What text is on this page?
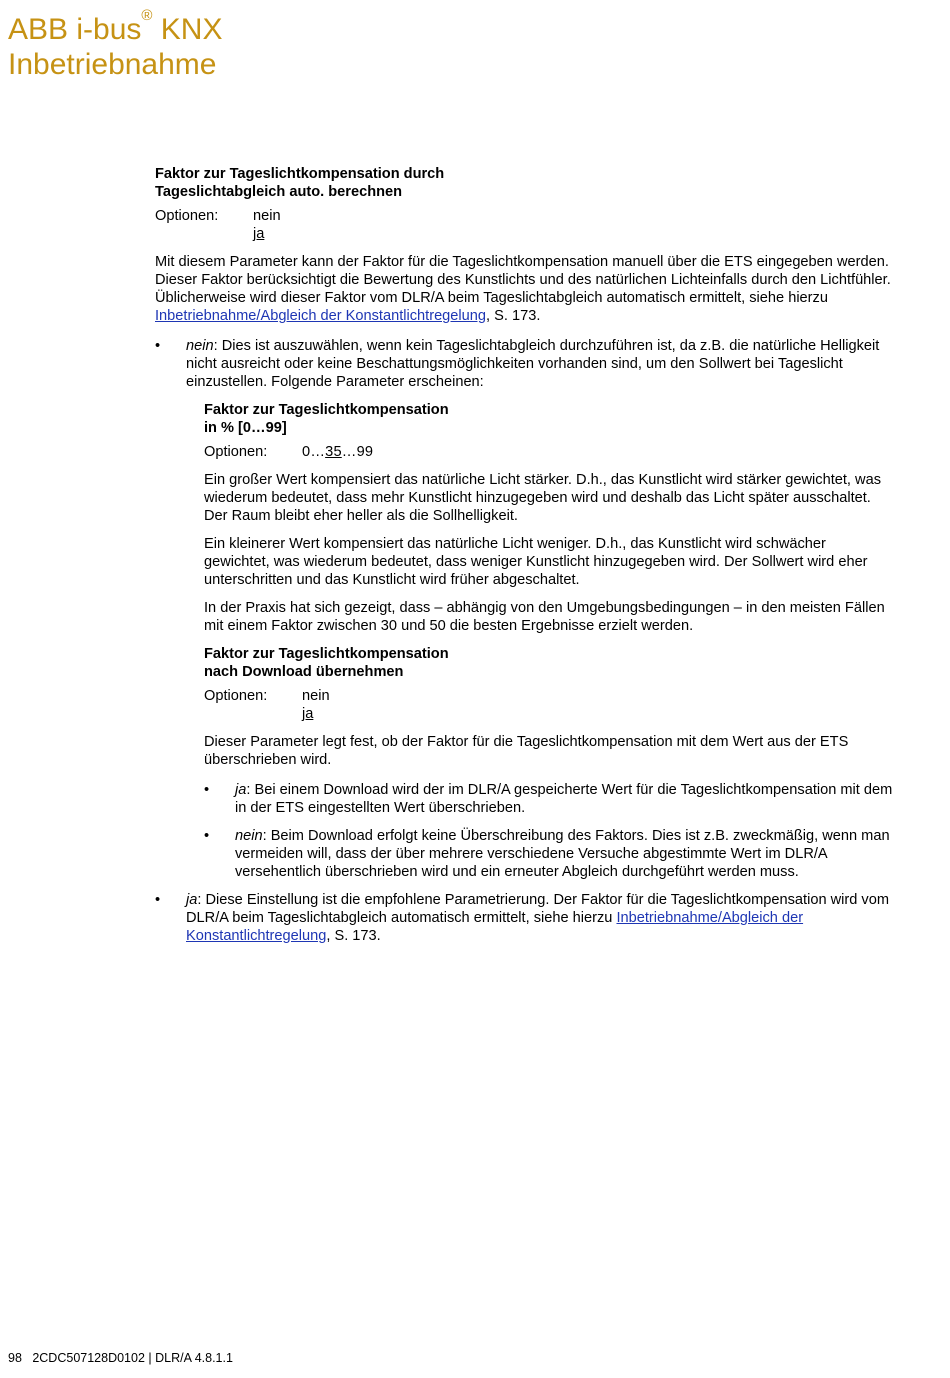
ABB i-bus® KNX
Inbetriebnahme
Faktor zur Tageslichtkompensation durch
Tageslichtabgleich auto. berechnen
Optionen:	nein
ja

Mit diesem Parameter kann der Faktor für die Tageslichtkompensation manuell über die ETS eingegeben werden. Dieser Faktor berücksichtigt die Bewertung des Kunstlichts und des natürlichen Lichteinfalls durch den Lichtfühler. Üblicherweise wird dieser Faktor vom DLR/A beim Tageslichtabgleich automatisch ermittelt, siehe hierzu Inbetriebnahme/Abgleich der Konstantlichtregelung, S. 173.

• nein: Dies ist auszuwählen, wenn kein Tageslichtabgleich durchzuführen ist, da z.B. die natürliche Helligkeit nicht ausreicht oder keine Beschattungsmöglichkeiten vorhanden sind, um den Sollwert bei Tageslicht einzustellen. Folgende Parameter erscheinen:

Faktor zur Tageslichtkompensation
in % [0…99]
Optionen:	0…35…99

Ein großer Wert kompensiert das natürliche Licht stärker. D.h., das Kunstlicht wird stärker gewichtet, was wiederum bedeutet, dass mehr Kunstlicht hinzugegeben wird und deshalb das Licht später ausschaltet. Der Raum bleibt eher heller als die Sollhelligkeit.

Ein kleinerer Wert kompensiert das natürliche Licht weniger. D.h., das Kunstlicht wird schwächer gewichtet, was wiederum bedeutet, dass weniger Kunstlicht hinzugegeben wird. Der Sollwert wird eher unterschritten und das Kunstlicht wird früher abgeschaltet.

In der Praxis hat sich gezeigt, dass – abhängig von den Umgebungsbedingungen – in den meisten Fällen mit einem Faktor zwischen 30 und 50 die besten Ergebnisse erzielt werden.

Faktor zur Tageslichtkompensation
nach Download übernehmen
Optionen:	nein
ja

Dieser Parameter legt fest, ob der Faktor für die Tageslichtkompensation mit dem Wert aus der ETS überschrieben wird.

• ja: Bei einem Download wird der im DLR/A gespeicherte Wert für die Tageslichtkompensation mit dem in der ETS eingestellten Wert überschrieben.
• nein: Beim Download erfolgt keine Überschreibung des Faktors. Dies ist z.B. zweckmäßig, wenn man vermeiden will, dass der über mehrere verschiedene Versuche abgestimmte Wert im DLR/A versehentlich überschrieben wird und ein erneuter Abgleich durchgeführt werden muss.

• ja: Diese Einstellung ist die empfohlene Parametrierung. Der Faktor für die Tageslichtkompensation wird vom DLR/A beim Tageslichtabgleich automatisch ermittelt, siehe hierzu Inbetriebnahme/Abgleich der Konstantlichtregelung, S. 173.

98 2CDC507128D0102 | DLR/A 4.8.1.1
